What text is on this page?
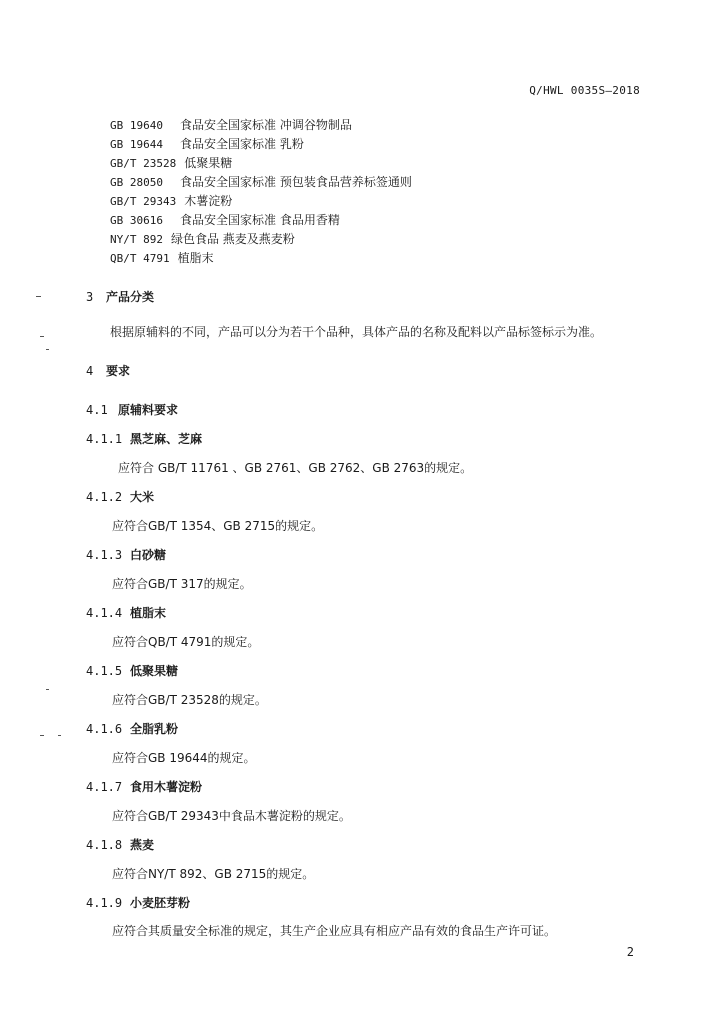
Q/HWL 0035S—2018
GB 19640 食品安全国家标准 冲调谷物制品
GB 19644 食品安全国家标准 乳粉
GB/T 23528 低聚果糖
GB 28050 食品安全国家标准 预包装食品营养标签通则
GB/T 29343 木薯淀粉
GB 30616 食品安全国家标准 食品用香精
NY/T 892 绿色食品 燕麦及燕麦粉
QB/T 4791 植脂末
3 产品分类
根据原辅料的不同，产品可以分为若干个品种，具体产品的名称及配料以产品标签标示为准。
4 要求
4.1 原辅料要求
4.1.1 黑芝麻、芝麻
应符合 GB/T 11761 、GB 2761、GB 2762、GB 2763的规定。
4.1.2 大米
应符合GB/T 1354、GB 2715的规定。
4.1.3 白砂糖
应符合GB/T 317的规定。
4.1.4 植脂末
应符合QB/T 4791的规定。
4.1.5 低聚果糖
应符合GB/T 23528的规定。
4.1.6 全脂乳粉
应符合GB 19644的规定。
4.1.7 食用木薯淀粉
应符合GB/T 29343中食品木薯淀粉的规定。
4.1.8 燕麦
应符合NY/T 892、GB 2715的规定。
4.1.9 小麦胚芽粉
应符合其质量安全标准的规定，其生产企业应具有相应产品有效的食品生产许可证。
2
